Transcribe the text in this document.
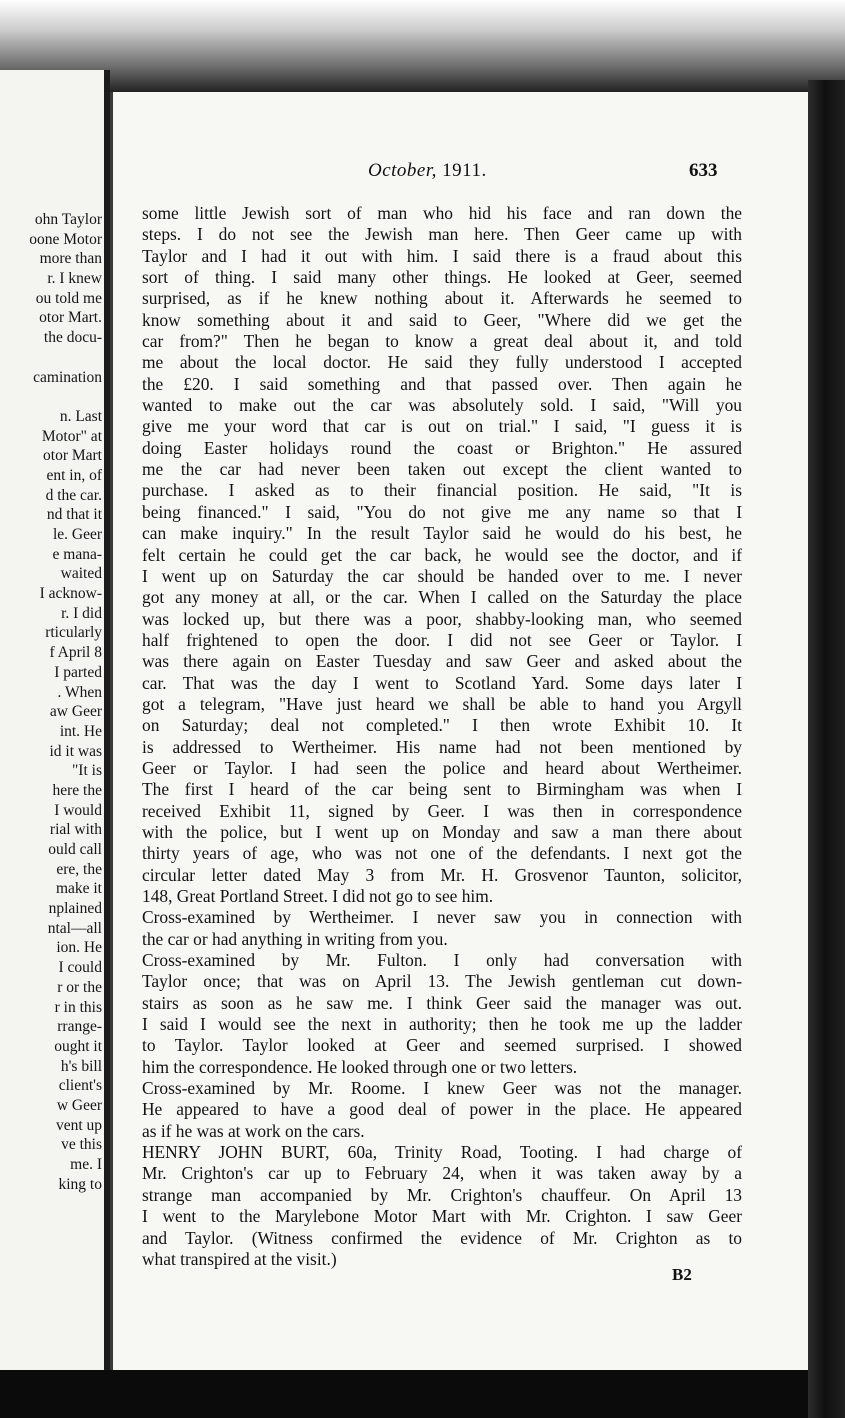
ohn Taylor
oone Motor
more than
r. I knew
ou told me
otor Mart.
the docu-
camination
n. Last
Motor" at
otor Mart
ent in, of
d the car.
nd that it
le. Geer
e mana-
waited
I acknow-
r. I did
rticularly
f April 8
I parted
. When
aw Geer
int. He
id it was
"It is
here the
I would
rial with
ould call
ere, the
make it
nplained
ntal—all
ion. He
I could
r or the
r in this
rrange-
ought it
h's bill
client's
w Geer
vent up
ve this
me. I
king to
October, 1911.	633
some little Jewish sort of man who hid his face and ran down the
steps. I do not see the Jewish man here. Then Geer came up with
Taylor and I had it out with him. I said there is a fraud about this
sort of thing. I said many other things. He looked at Geer, seemed
surprised, as if he knew nothing about it. Afterwards he seemed to
know something about it and said to Geer, "Where did we get the
car from?" Then he began to know a great deal about it, and told
me about the local doctor. He said they fully understood I accepted
the £20. I said something and that passed over. Then again he
wanted to make out the car was absolutely sold. I said, "Will you
give me your word that car is out on trial." I said, "I guess it is
doing Easter holidays round the coast or Brighton." He assured
me the car had never been taken out except the client wanted to
purchase. I asked as to their financial position. He said, "It is
being financed." I said, "You do not give me any name so that I
can make inquiry." In the result Taylor said he would do his best, he
felt certain he could get the car back, he would see the doctor, and if
I went up on Saturday the car should be handed over to me. I never
got any money at all, or the car. When I called on the Saturday the place
was locked up, but there was a poor, shabby-looking man, who seemed
half frightened to open the door. I did not see Geer or Taylor. I
was there again on Easter Tuesday and saw Geer and asked about the
car. That was the day I went to Scotland Yard. Some days later I
got a telegram, "Have just heard we shall be able to hand you Argyll
on Saturday; deal not completed." I then wrote Exhibit 10. It
is addressed to Wertheimer. His name had not been mentioned by
Geer or Taylor. I had seen the police and heard about Wertheimer.
The first I heard of the car being sent to Birmingham was when I
received Exhibit 11, signed by Geer. I was then in correspondence
with the police, but I went up on Monday and saw a man there about
thirty years of age, who was not one of the defendants. I next got the
circular letter dated May 3 from Mr. H. Grosvenor Taunton, solicitor,
148, Great Portland Street. I did not go to see him.
Cross-examined by Wertheimer. I never saw you in connection with
the car or had anything in writing from you.
Cross-examined by Mr. Fulton. I only had conversation with
Taylor once; that was on April 13. The Jewish gentleman cut down-
stairs as soon as he saw me. I think Geer said the manager was out.
I said I would see the next in authority; then he took me up the ladder
to Taylor. Taylor looked at Geer and seemed surprised. I showed
him the correspondence. He looked through one or two letters.
Cross-examined by Mr. Roome. I knew Geer was not the manager.
He appeared to have a good deal of power in the place. He appeared
as if he was at work on the cars.
HENRY JOHN BURT, 60a, Trinity Road, Tooting. I had charge of
Mr. Crighton's car up to February 24, when it was taken away by a
strange man accompanied by Mr. Crighton's chauffeur. On April 13
I went to the Marylebone Motor Mart with Mr. Crighton. I saw Geer
and Taylor. (Witness confirmed the evidence of Mr. Crighton as to
what transpired at the visit.)
B2
